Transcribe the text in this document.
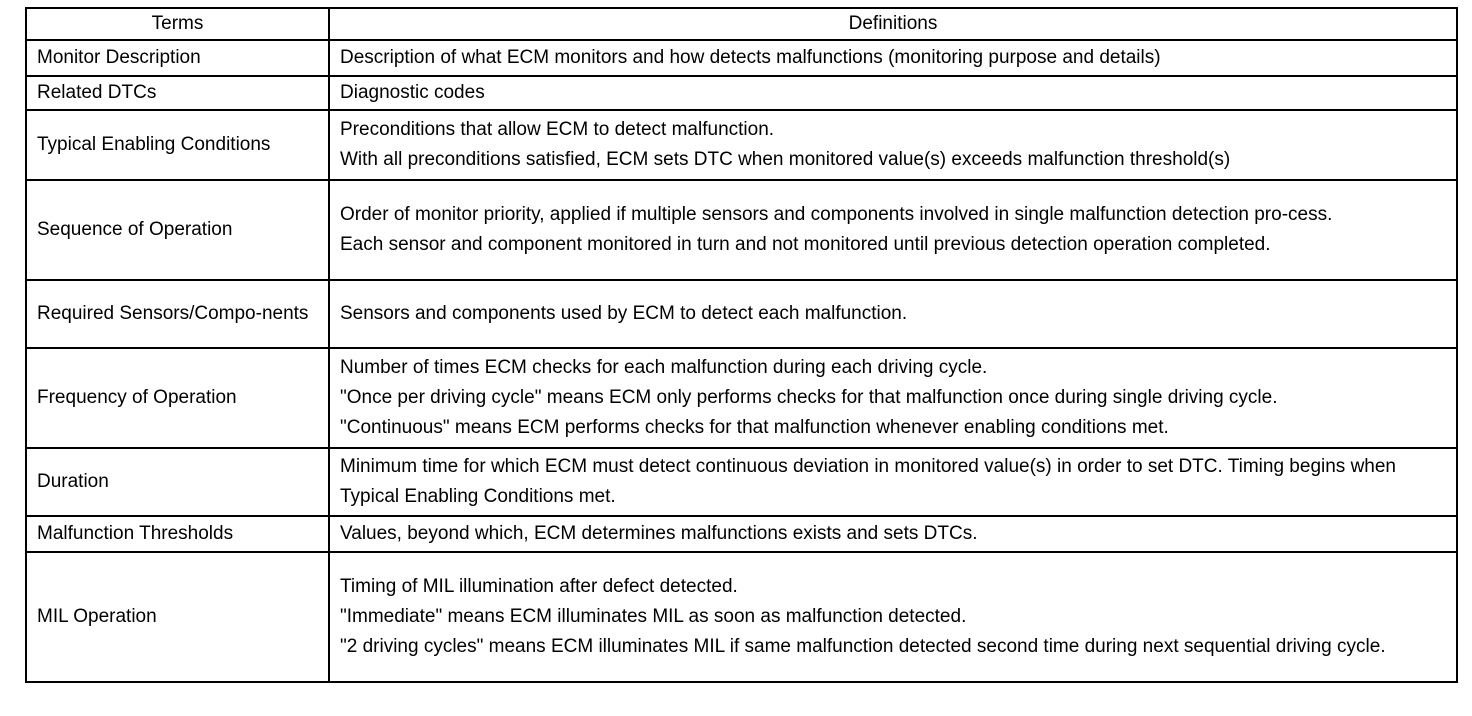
Terms	Definitions
Monitor Description	Description of what ECM monitors and how detects malfunctions (monitoring purpose and details)

Related DTCs	Diagnostic codes

Typical Enabling Conditions	Preconditions that allow ECM to detect malfunction.
With all preconditions satisfied, ECM sets DTC when monitored value(s) exceeds malfunction threshold(s)

Sequence of Operation	Order of monitor priority, applied if multiple sensors and components involved in single malfunction detection pro-cess.
Each sensor and component monitored in turn and not monitored until previous detection operation completed.

Required Sensors/Compo-nents	Sensors and components used by ECM to detect each malfunction.

Frequency of Operation	Number of times ECM checks for each malfunction during each driving cycle.
"Once per driving cycle" means ECM only performs checks for that malfunction once during single driving cycle.
"Continuous" means ECM performs checks for that malfunction whenever enabling conditions met.

Duration	Minimum time for which ECM must detect continuous deviation in monitored value(s) in order to set DTC. Timing begins when Typical Enabling Conditions met.

Malfunction Thresholds	Values, beyond which, ECM determines malfunctions exists and sets DTCs.

MIL Operation	Timing of MIL illumination after defect detected.
"Immediate" means ECM illuminates MIL as soon as malfunction detected.
"2 driving cycles" means ECM illuminates MIL if same malfunction detected second time during next sequential driving cycle.
